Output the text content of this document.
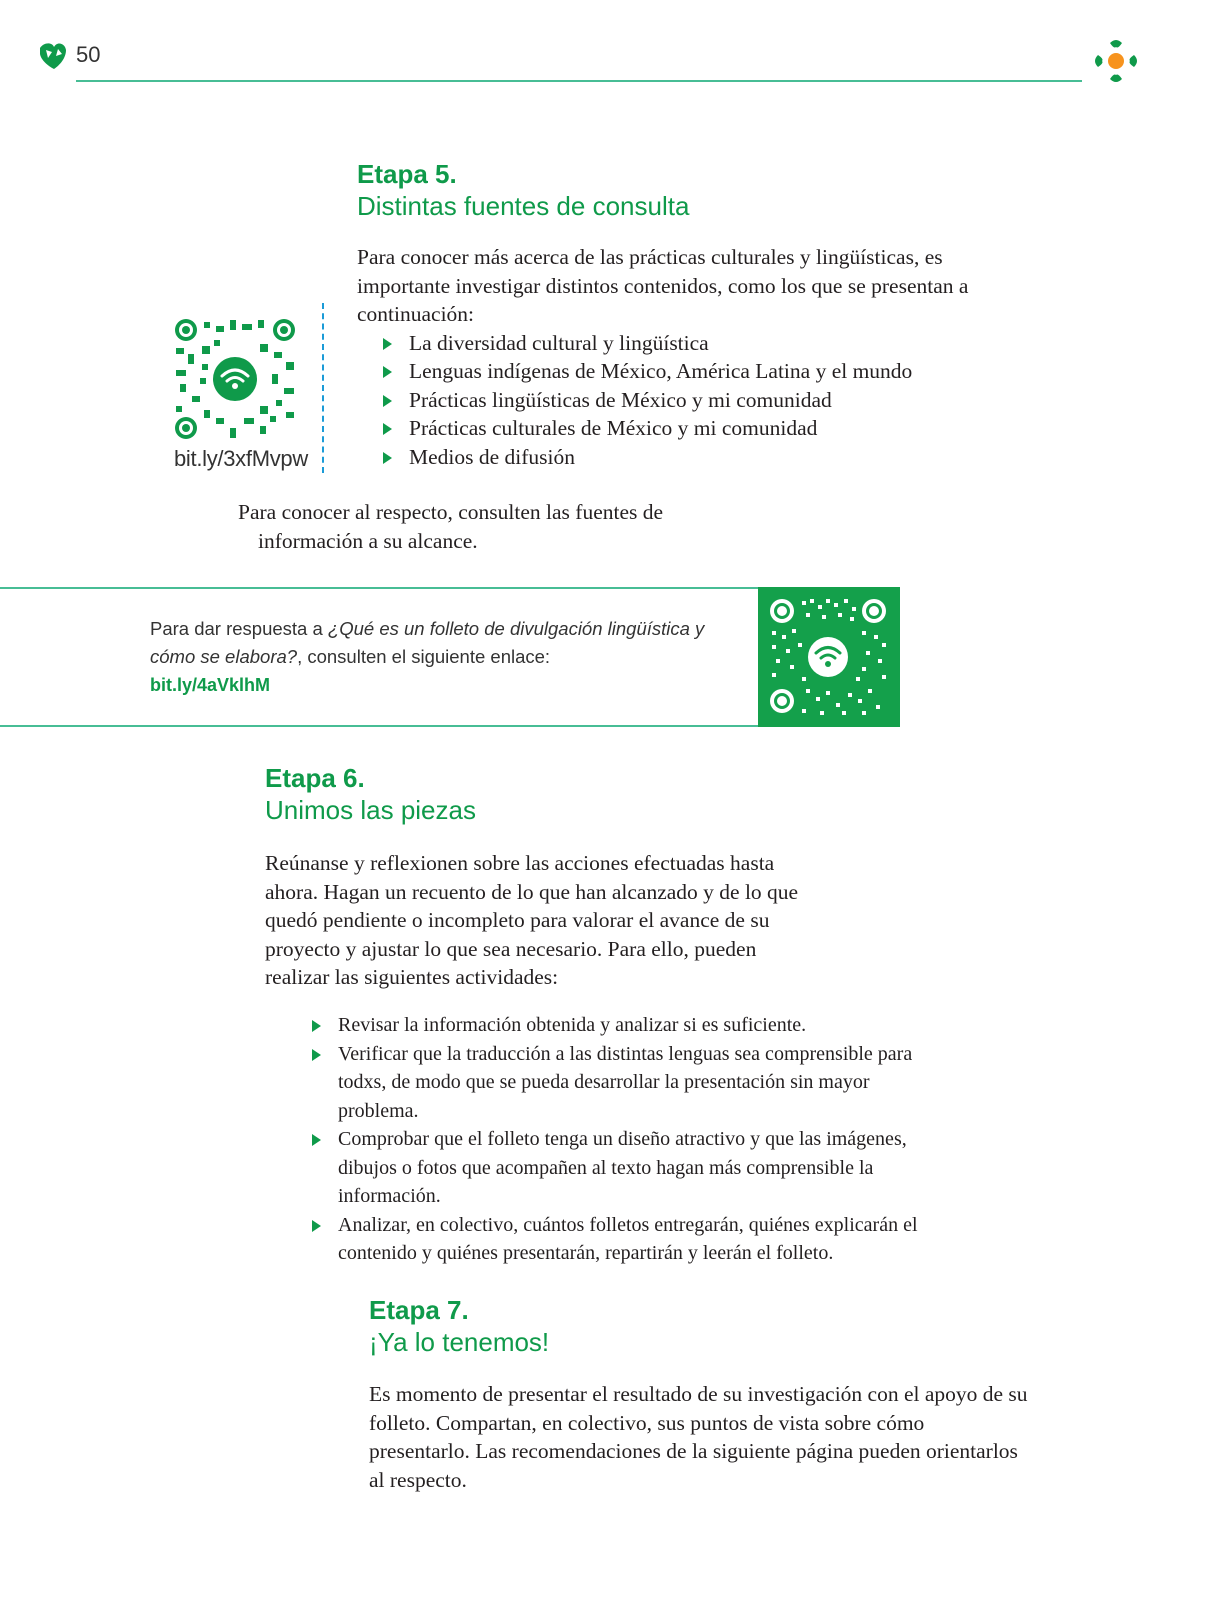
50
Etapa 5.
Distintas fuentes de consulta

Para conocer más acerca de las prácticas culturales y lingüísticas, es importante investigar distintos contenidos, como los que se presentan a continuación:

La diversidad cultural y lingüística
Lenguas indígenas de México, América Latina y el mundo
Prácticas lingüísticas de México y mi comunidad
Prácticas culturales de México y mi comunidad
Medios de difusión
bit.ly/3xfMvpw
Para conocer al respecto, consulten las fuentes de información a su alcance.
Para dar respuesta a ¿Qué es un folleto de divulgación lingüística y cómo se elabora?, consulten el siguiente enlace:
bit.ly/4aVklhM
Etapa 6.
Unimos las piezas
Reúnanse y reflexionen sobre las acciones efectuadas hasta ahora. Hagan un recuento de lo que han alcanzado y de lo que quedó pendiente o incompleto para valorar el avance de su proyecto y ajustar lo que sea necesario. Para ello, pueden realizar las siguientes actividades:
Revisar la información obtenida y analizar si es suficiente.
Verificar que la traducción a las distintas lenguas sea comprensible para todxs, de modo que se pueda desarrollar la presentación sin mayor problema.
Comprobar que el folleto tenga un diseño atractivo y que las imágenes, dibujos o fotos que acompañen al texto hagan más comprensible la información.
Analizar, en colectivo, cuántos folletos entregarán, quiénes explicarán el contenido y quiénes presentarán, repartirán y leerán el folleto.
Etapa 7.
¡Ya lo tenemos!
Es momento de presentar el resultado de su investigación con el apoyo de su folleto. Compartan, en colectivo, sus puntos de vista sobre cómo presentarlo. Las recomendaciones de la siguiente página pueden orientarlos al respecto.
